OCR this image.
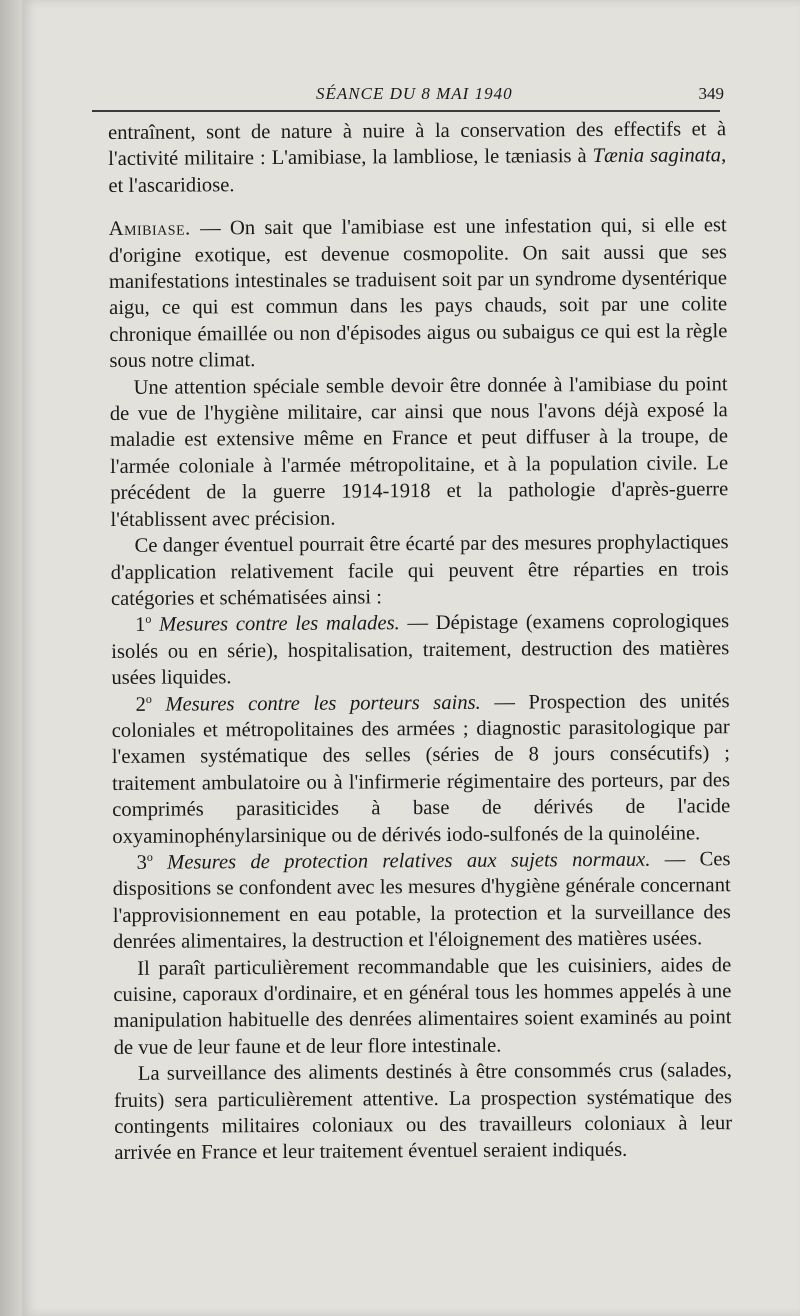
SÉANCE DU 8 MAI 1940	349

entraînent, sont de nature à nuire à la conservation des effectifs et à l'activité militaire : L'amibiase, la lambliose, le tæniasis à Tænia saginata, et l'ascaridiose.

Amibiase. — On sait que l'amibiase est une infestation qui, si elle est d'origine exotique, est devenue cosmopolite. On sait aussi que ses manifestations intestinales se traduisent soit par un syndrome dysentérique aigu, ce qui est commun dans les pays chauds, soit par une colite chronique émaillée ou non d'épisodes aigus ou subaigus ce qui est la règle sous notre climat.

Une attention spéciale semble devoir être donnée à l'amibiase du point de vue de l'hygiène militaire, car ainsi que nous l'avons déjà exposé la maladie est extensive même en France et peut diffuser à la troupe, de l'armée coloniale à l'armée métropolitaine, et à la population civile. Le précédent de la guerre 1914-1918 et la pathologie d'après-guerre l'établissent avec précision.

Ce danger éventuel pourrait être écarté par des mesures prophylactiques d'application relativement facile qui peuvent être réparties en trois catégories et schématisées ainsi :

1$^o$ Mesures contre les malades. — Dépistage (examens coprologiques isolés ou en série), hospitalisation, traitement, destruction des matières usées liquides.

2$^o$ Mesures contre les porteurs sains. — Prospection des unités coloniales et métropolitaines des armées ; diagnostic parasitologique par l'examen systématique des selles (séries de 8 jours consécutifs) ; traitement ambulatoire ou à l'infirmerie régimentaire des porteurs, par des comprimés parasiticides à base de dérivés de l'acide oxyaminophénylarsinique ou de dérivés iodo-sulfonés de la quinoléine.

3$^o$ Mesures de protection relatives aux sujets normaux. — Ces dispositions se confondent avec les mesures d'hygiène générale concernant l'approvisionnement en eau potable, la protection et la surveillance des denrées alimentaires, la destruction et l'éloignement des matières usées.

Il paraît particulièrement recommandable que les cuisiniers, aides de cuisine, caporaux d'ordinaire, et en général tous les hommes appelés à une manipulation habituelle des denrées alimentaires soient examinés au point de vue de leur faune et de leur flore intestinale.

La surveillance des aliments destinés à être consommés crus (salades, fruits) sera particulièrement attentive. La prospection systématique des contingents militaires coloniaux ou des travailleurs coloniaux à leur arrivée en France et leur traitement éventuel seraient indiqués.
